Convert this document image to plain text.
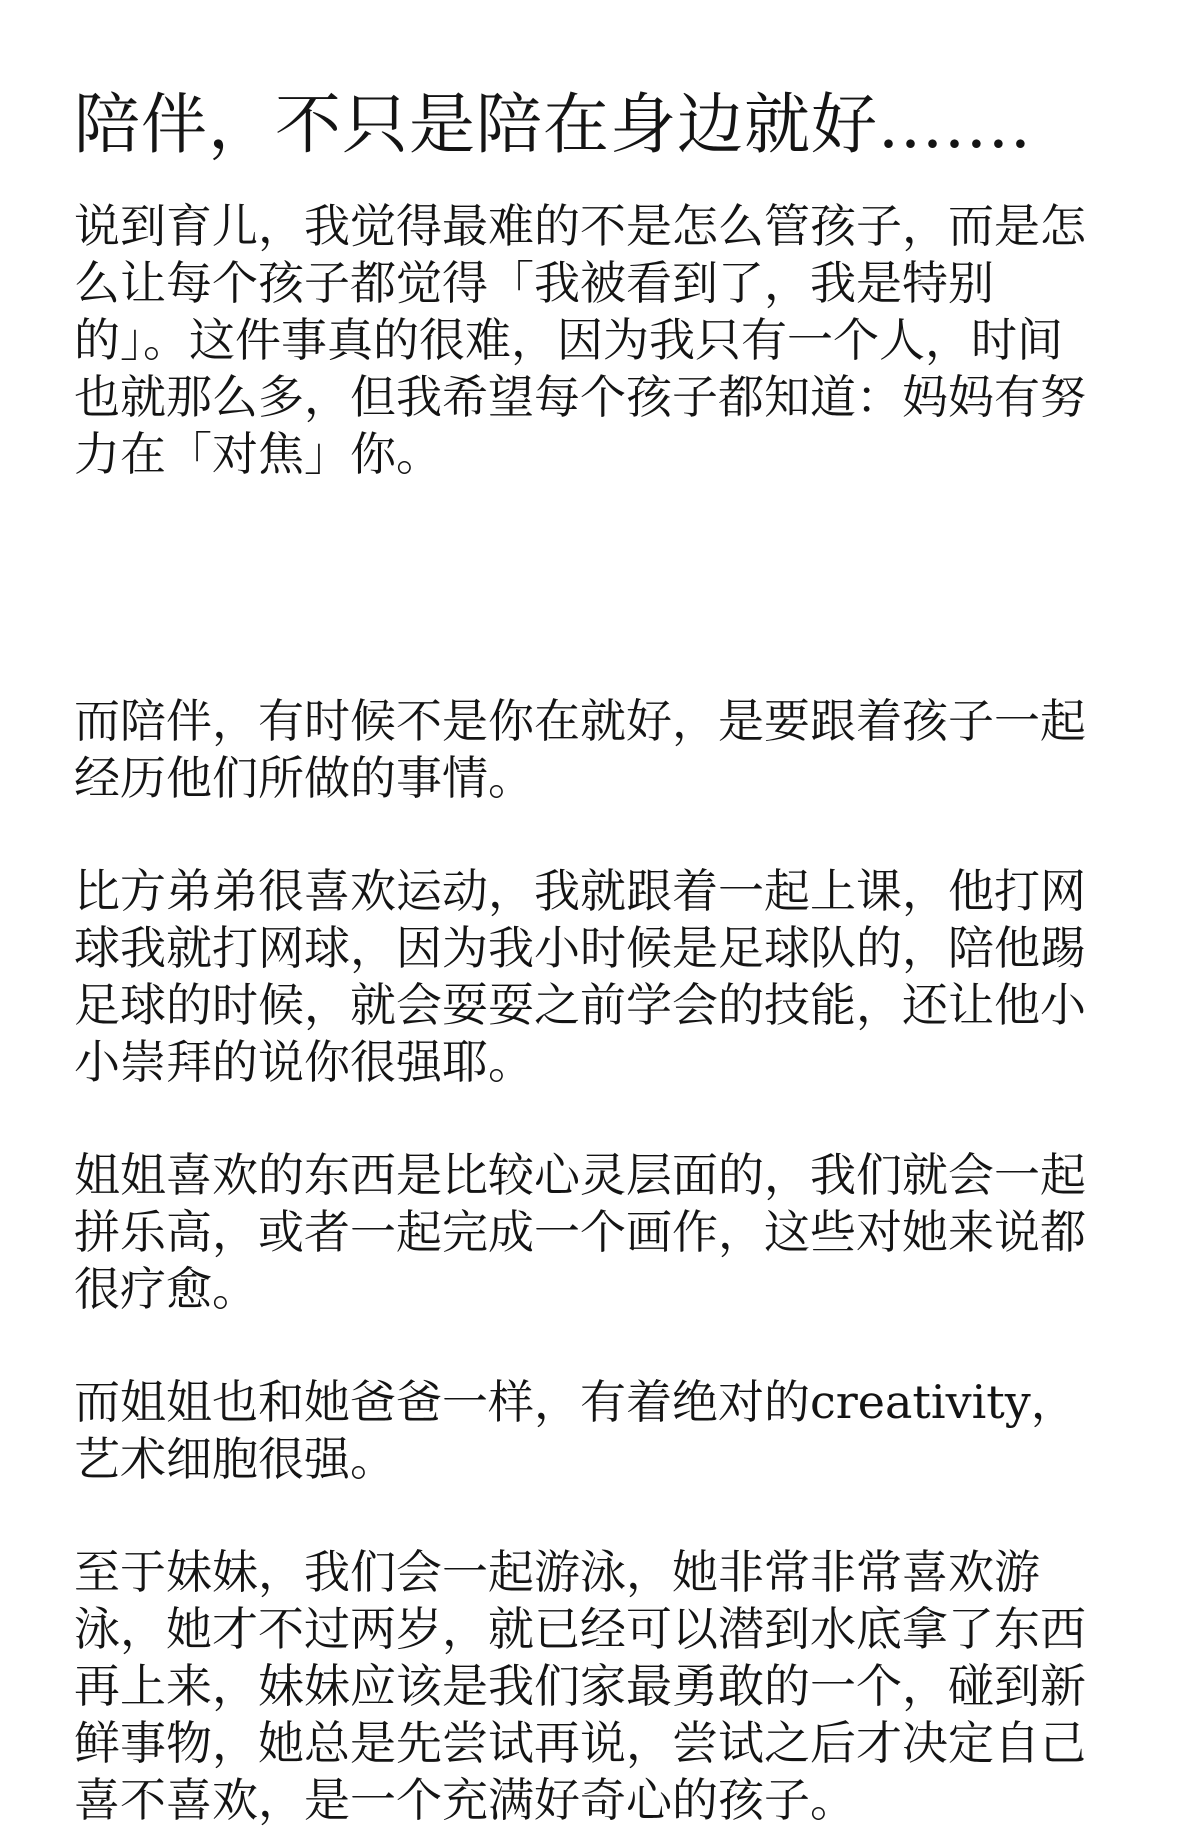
陪伴，不只是陪在身边就好.......

说到育儿，我觉得最难的不是怎么管孩子，而是怎么让每个孩子都觉得「我被看到了，我是特别的」。这件事真的很难，因为我只有一个人，时间也就那么多，但我希望每个孩子都知道：妈妈有努力在「对焦」你。

而陪伴，有时候不是你在就好，是要跟着孩子一起经历他们所做的事情。

比方弟弟很喜欢运动，我就跟着一起上课，他打网球我就打网球，因为我小时候是足球队的，陪他踢足球的时候，就会耍耍之前学会的技能，还让他小小崇拜的说你很强耶。

姐姐喜欢的东西是比较心灵层面的，我们就会一起拼乐高，或者一起完成一个画作，这些对她来说都很疗愈。

而姐姐也和她爸爸一样，有着绝对的creativity，艺术细胞很强。

至于妹妹，我们会一起游泳，她非常非常喜欢游泳，她才不过两岁，就已经可以潜到水底拿了东西再上来，妹妹应该是我们家最勇敢的一个，碰到新鲜事物，她总是先尝试再说，尝试之后才决定自己喜不喜欢，是一个充满好奇心的孩子。
